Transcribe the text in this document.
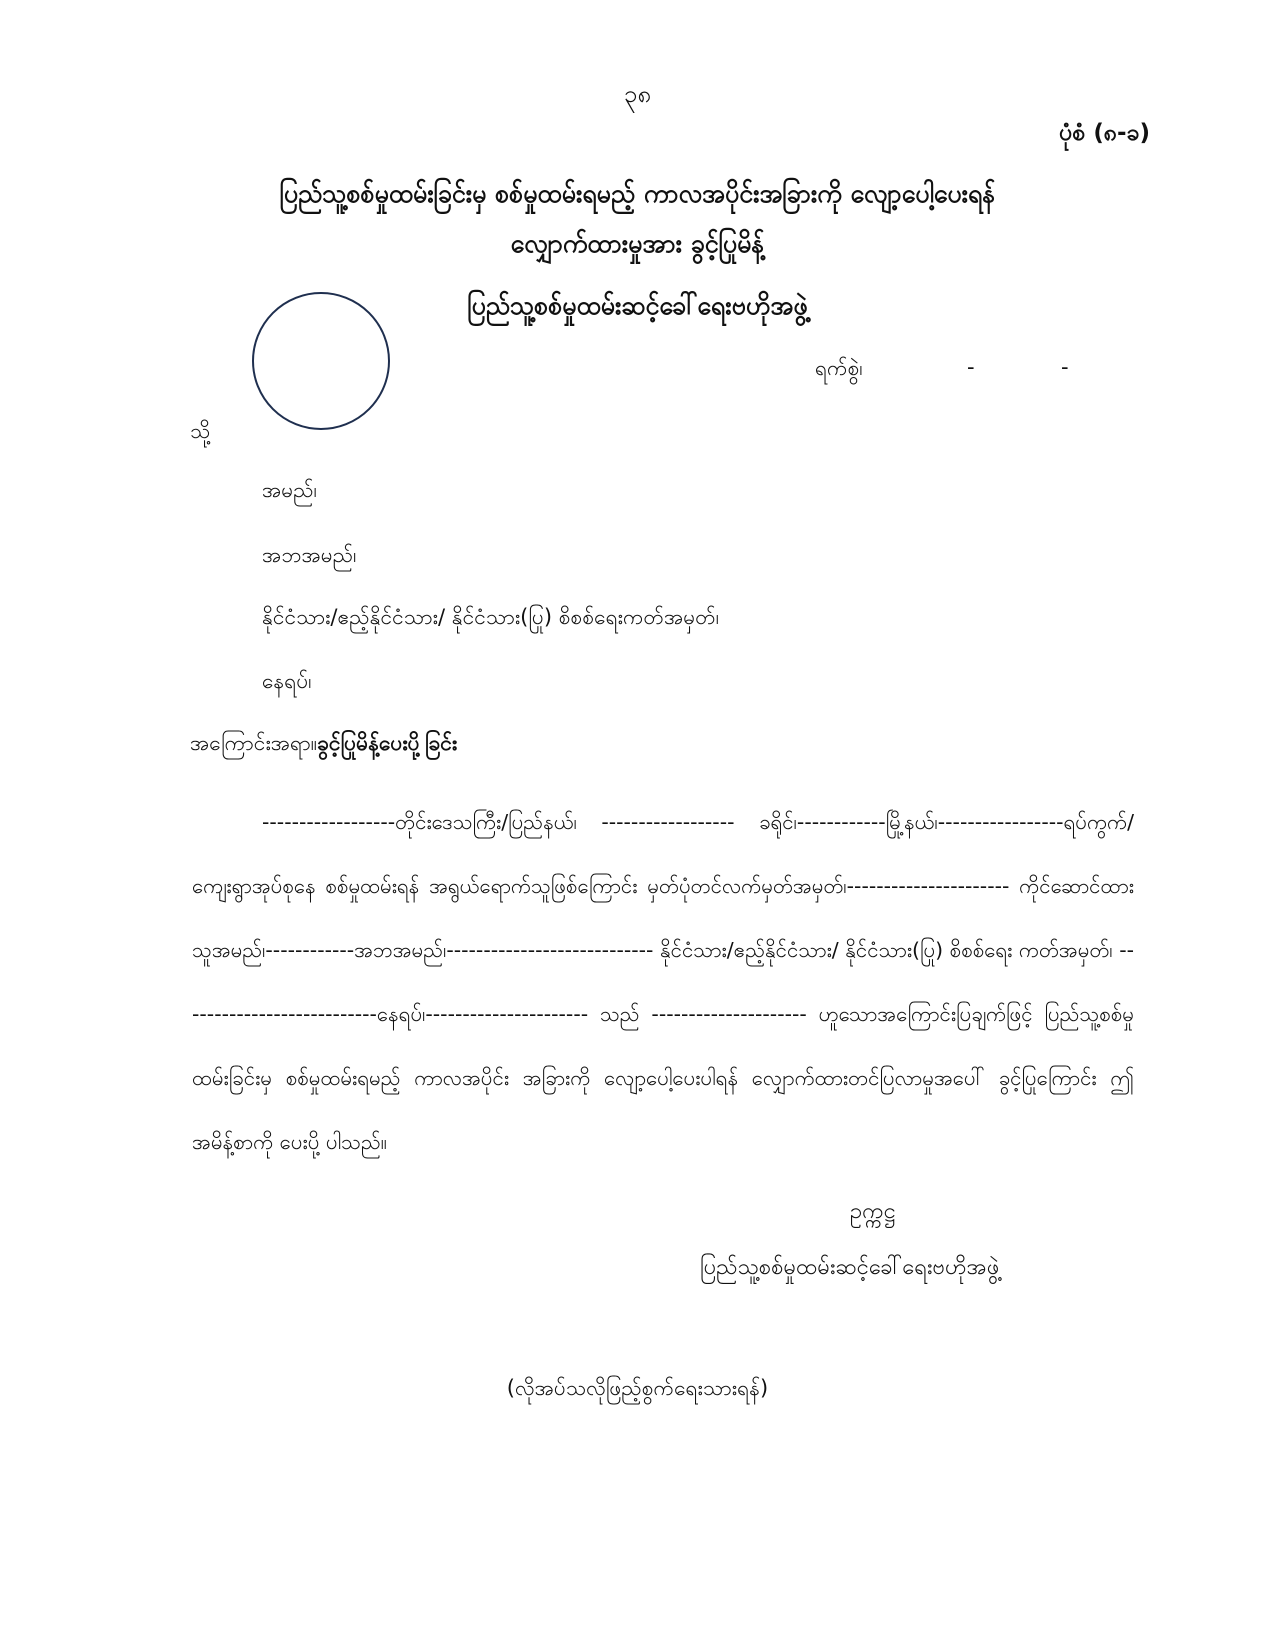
၃၈
ပုံစံ (၈-ခ)
ပြည်သူ့စစ်မှုထမ်းခြင်းမှ စစ်မှုထမ်းရမည့် ကာလအပိုင်းအခြားကို လျော့ပေါ့ပေးရန်
လျှောက်ထားမှုအား ခွင့်ပြုမိန့်
ပြည်သူ့စစ်မှုထမ်းဆင့်ခေါ်ရေးဗဟိုအဖွဲ့
ရက်စွဲ၊	-	-
သို့
အမည်၊
အဘအမည်၊
နိုင်ငံသား/ဧည့်နိုင်ငံသား/ နိုင်ငံသား(ပြု) စိစစ်ရေးကတ်အမှတ်၊
နေရပ်၊
အကြောင်းအရာ။ခွင့်ပြုမိန့်ပေးပို့ခြင်း
------------------တိုင်းဒေသကြီး/ပြည်နယ်၊ ------------------ ခရိုင်၊------------မြို့နယ်၊-----------------ရပ်ကွက်/ကျေးရွာအုပ်စုနေ စစ်မှုထမ်းရန် အရွယ်ရောက်သူဖြစ်ကြောင်း မှတ်ပုံတင်လက်မှတ်အမှတ်၊---------------------- ကိုင်ဆောင်ထားသူအမည်၊------------အဘအမည်၊---------------------------- နိုင်ငံသား/ဧည့်နိုင်ငံသား/ နိုင်ငံသား(ပြု) စိစစ်ရေး ကတ်အမှတ်၊ ---------------------------နေရပ်၊---------------------- သည် --------------------- ဟူသောအကြောင်းပြချက်ဖြင့် ပြည်သူ့စစ်မှုထမ်းခြင်းမှ စစ်မှုထမ်းရမည့် ကာလအပိုင်း အခြားကို လျော့ပေါ့ပေးပါရန် လျှောက်ထားတင်ပြလာမှုအပေါ် ခွင့်ပြုကြောင်း ဤအမိန့်စာကို ပေးပို့ ပါသည်။
ဥက္ကဋ္ဌ
ပြည်သူ့စစ်မှုထမ်းဆင့်ခေါ်ရေးဗဟိုအဖွဲ့
(လိုအပ်သလိုဖြည့်စွက်ရေးသားရန်)
